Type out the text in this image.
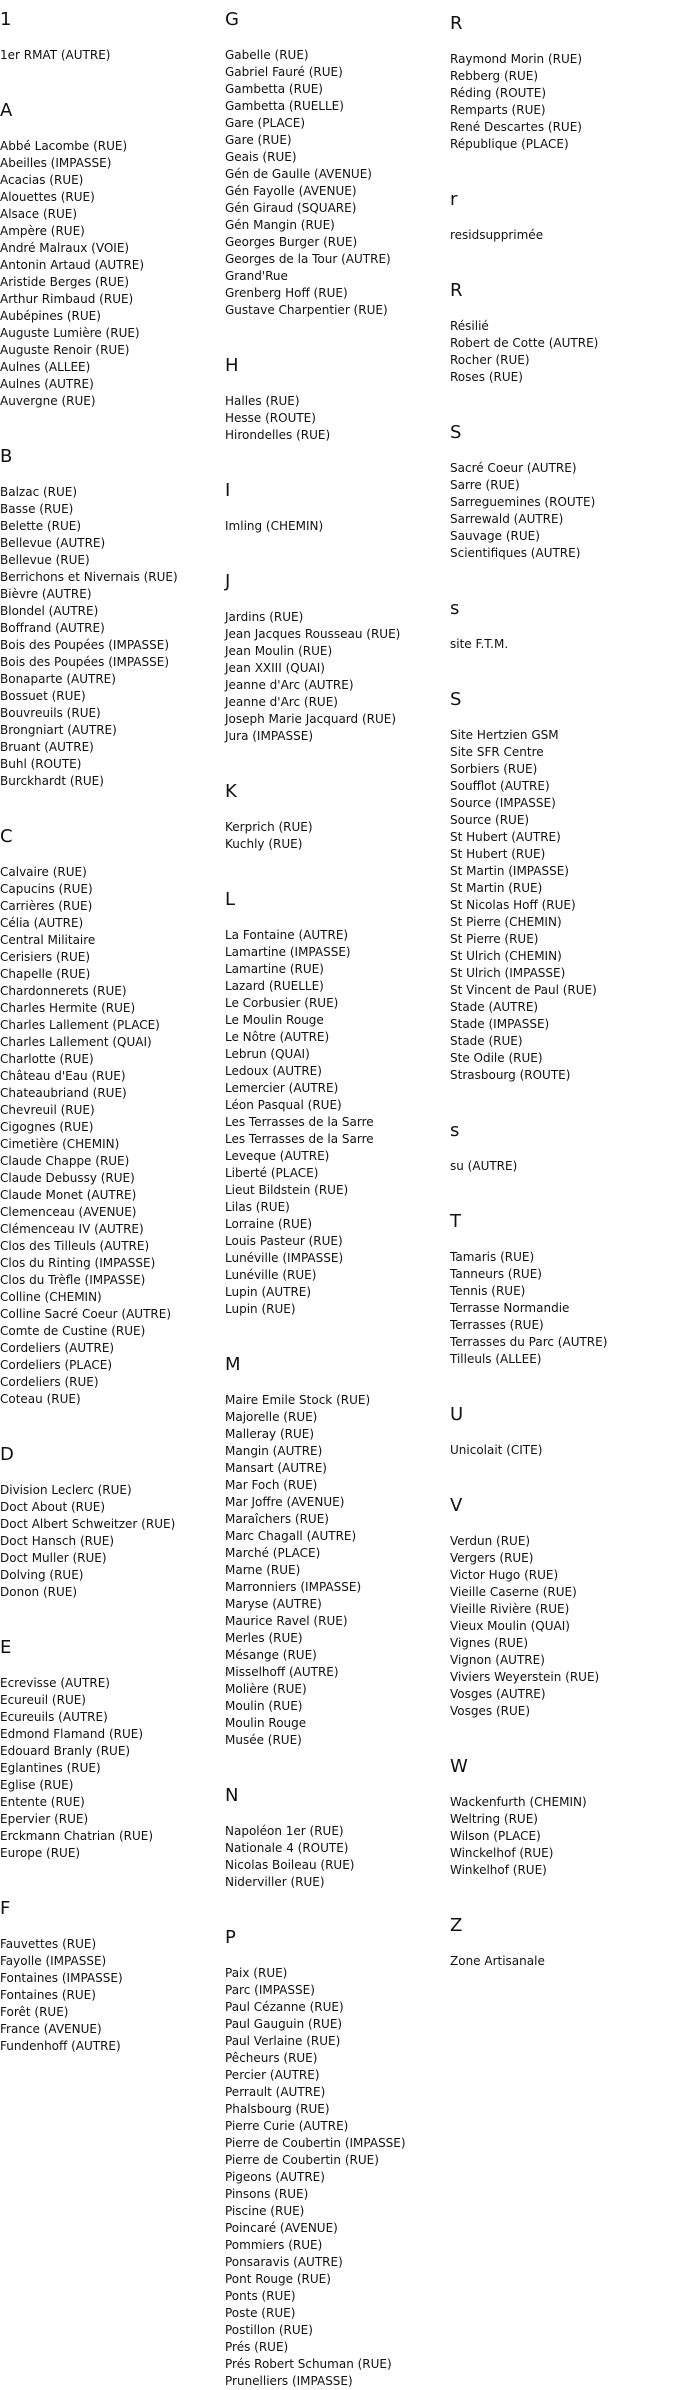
1
1er RMAT (AUTRE)
A
Abbé Lacombe (RUE)
Abeilles (IMPASSE)
Acacias (RUE)
Alouettes (RUE)
Alsace (RUE)
Ampère (RUE)
André Malraux (VOIE)
Antonin Artaud (AUTRE)
Aristide Berges (RUE)
Arthur Rimbaud (RUE)
Aubépines (RUE)
Auguste Lumière (RUE)
Auguste Renoir (RUE)
Aulnes (ALLEE)
Aulnes (AUTRE)
Auvergne (RUE)
B
Balzac (RUE)
Basse (RUE)
Belette (RUE)
Bellevue (AUTRE)
Bellevue (RUE)
Berrichons et Nivernais (RUE)
Bièvre (AUTRE)
Blondel (AUTRE)
Boffrand (AUTRE)
Bois des Poupées (IMPASSE)
Bois des Poupées (IMPASSE)
Bonaparte (AUTRE)
Bossuet (RUE)
Bouvreuils (RUE)
Brongniart (AUTRE)
Bruant (AUTRE)
Buhl (ROUTE)
Burckhardt (RUE)
C
Calvaire (RUE)
Capucins (RUE)
Carrières (RUE)
Célia (AUTRE)
Central Militaire
Cerisiers (RUE)
Chapelle (RUE)
Chardonnerets (RUE)
Charles Hermite (RUE)
Charles Lallement (PLACE)
Charles Lallement (QUAI)
Charlotte (RUE)
Château d'Eau (RUE)
Chateaubriand (RUE)
Chevreuil (RUE)
Cigognes (RUE)
Cimetière (CHEMIN)
Claude Chappe (RUE)
Claude Debussy (RUE)
Claude Monet (AUTRE)
Clemenceau (AVENUE)
Clémenceau IV (AUTRE)
Clos des Tilleuls (AUTRE)
Clos du Rinting (IMPASSE)
Clos du Trèfle (IMPASSE)
Colline (CHEMIN)
Colline Sacré Coeur (AUTRE)
Comte de Custine (RUE)
Cordeliers (AUTRE)
Cordeliers (PLACE)
Cordeliers (RUE)
Coteau (RUE)
D
Division Leclerc (RUE)
Doct About (RUE)
Doct Albert Schweitzer (RUE)
Doct Hansch (RUE)
Doct Muller (RUE)
Dolving (RUE)
Donon (RUE)
E
Ecrevisse (AUTRE)
Ecureuil (RUE)
Ecureuils (AUTRE)
Edmond Flamand (RUE)
Edouard Branly (RUE)
Eglantines (RUE)
Eglise (RUE)
Entente (RUE)
Epervier (RUE)
Erckmann Chatrian (RUE)
Europe (RUE)
F
Fauvettes (RUE)
Fayolle (IMPASSE)
Fontaines (IMPASSE)
Fontaines (RUE)
Forêt (RUE)
France (AVENUE)
Fundenhoff (AUTRE)
G
Gabelle (RUE)
Gabriel Fauré (RUE)
Gambetta (RUE)
Gambetta (RUELLE)
Gare (PLACE)
Gare (RUE)
Geais (RUE)
Gén de Gaulle (AVENUE)
Gén Fayolle (AVENUE)
Gén Giraud (SQUARE)
Gén Mangin (RUE)
Georges Burger (RUE)
Georges de la Tour (AUTRE)
Grand'Rue
Grenberg Hoff (RUE)
Gustave Charpentier (RUE)
H
Halles (RUE)
Hesse (ROUTE)
Hirondelles (RUE)
I
Imling (CHEMIN)
J
Jardins (RUE)
Jean Jacques Rousseau (RUE)
Jean Moulin (RUE)
Jean XXIII (QUAI)
Jeanne d'Arc (AUTRE)
Jeanne d'Arc (RUE)
Joseph Marie Jacquard (RUE)
Jura (IMPASSE)
K
Kerprich (RUE)
Kuchly (RUE)
L
La Fontaine (AUTRE)
Lamartine (IMPASSE)
Lamartine (RUE)
Lazard (RUELLE)
Le Corbusier (RUE)
Le Moulin Rouge
Le Nôtre (AUTRE)
Lebrun (QUAI)
Ledoux (AUTRE)
Lemercier (AUTRE)
Léon Pasqual (RUE)
Les Terrasses de la Sarre
Les Terrasses de la Sarre
Leveque (AUTRE)
Liberté (PLACE)
Lieut Bildstein (RUE)
Lilas (RUE)
Lorraine (RUE)
Louis Pasteur (RUE)
Lunéville (IMPASSE)
Lunéville (RUE)
Lupin (AUTRE)
Lupin (RUE)
M
Maire Emile Stock (RUE)
Majorelle (RUE)
Malleray (RUE)
Mangin (AUTRE)
Mansart (AUTRE)
Mar Foch (RUE)
Mar Joffre (AVENUE)
Maraîchers (RUE)
Marc Chagall (AUTRE)
Marché (PLACE)
Marne (RUE)
Marronniers (IMPASSE)
Maryse (AUTRE)
Maurice Ravel (RUE)
Merles (RUE)
Mésange (RUE)
Misselhoff (AUTRE)
Molière (RUE)
Moulin (RUE)
Moulin Rouge
Musée (RUE)
N
Napoléon 1er (RUE)
Nationale 4 (ROUTE)
Nicolas Boileau (RUE)
Niderviller (RUE)
P
Paix (RUE)
Parc (IMPASSE)
Paul Cézanne (RUE)
Paul Gauguin (RUE)
Paul Verlaine (RUE)
Pêcheurs (RUE)
Percier (AUTRE)
Perrault (AUTRE)
Phalsbourg (RUE)
Pierre Curie (AUTRE)
Pierre de Coubertin (IMPASSE)
Pierre de Coubertin (RUE)
Pigeons (AUTRE)
Pinsons (RUE)
Piscine (RUE)
Poincaré (AVENUE)
Pommiers (RUE)
Ponsaravis (AUTRE)
Pont Rouge (RUE)
Ponts (RUE)
Poste (RUE)
Postillon (RUE)
Prés (RUE)
Prés Robert Schuman (RUE)
Prunelliers (IMPASSE)
R
Raymond Morin (RUE)
Rebberg (RUE)
Réding (ROUTE)
Remparts (RUE)
René Descartes (RUE)
République (PLACE)
r
residsupprimée
R
Résilié
Robert de Cotte (AUTRE)
Rocher (RUE)
Roses (RUE)
S
Sacré Coeur (AUTRE)
Sarre (RUE)
Sarreguemines (ROUTE)
Sarrewald (AUTRE)
Sauvage (RUE)
Scientifiques (AUTRE)
s
site F.T.M.
S
Site Hertzien GSM
Site SFR Centre
Sorbiers (RUE)
Soufflot (AUTRE)
Source (IMPASSE)
Source (RUE)
St Hubert (AUTRE)
St Hubert (RUE)
St Martin (IMPASSE)
St Martin (RUE)
St Nicolas Hoff (RUE)
St Pierre (CHEMIN)
St Pierre (RUE)
St Ulrich (CHEMIN)
St Ulrich (IMPASSE)
St Vincent de Paul (RUE)
Stade (AUTRE)
Stade (IMPASSE)
Stade (RUE)
Ste Odile (RUE)
Strasbourg (ROUTE)
s
su (AUTRE)
T
Tamaris (RUE)
Tanneurs (RUE)
Tennis (RUE)
Terrasse Normandie
Terrasses (RUE)
Terrasses du Parc (AUTRE)
Tilleuls (ALLEE)
U
Unicolait (CITE)
V
Verdun (RUE)
Vergers (RUE)
Victor Hugo (RUE)
Vieille Caserne (RUE)
Vieille Rivière (RUE)
Vieux Moulin (QUAI)
Vignes (RUE)
Vignon (AUTRE)
Viviers Weyerstein (RUE)
Vosges (AUTRE)
Vosges (RUE)
W
Wackenfurth (CHEMIN)
Weltring (RUE)
Wilson (PLACE)
Winckelhof (RUE)
Winkelhof (RUE)
Z
Zone Artisanale
